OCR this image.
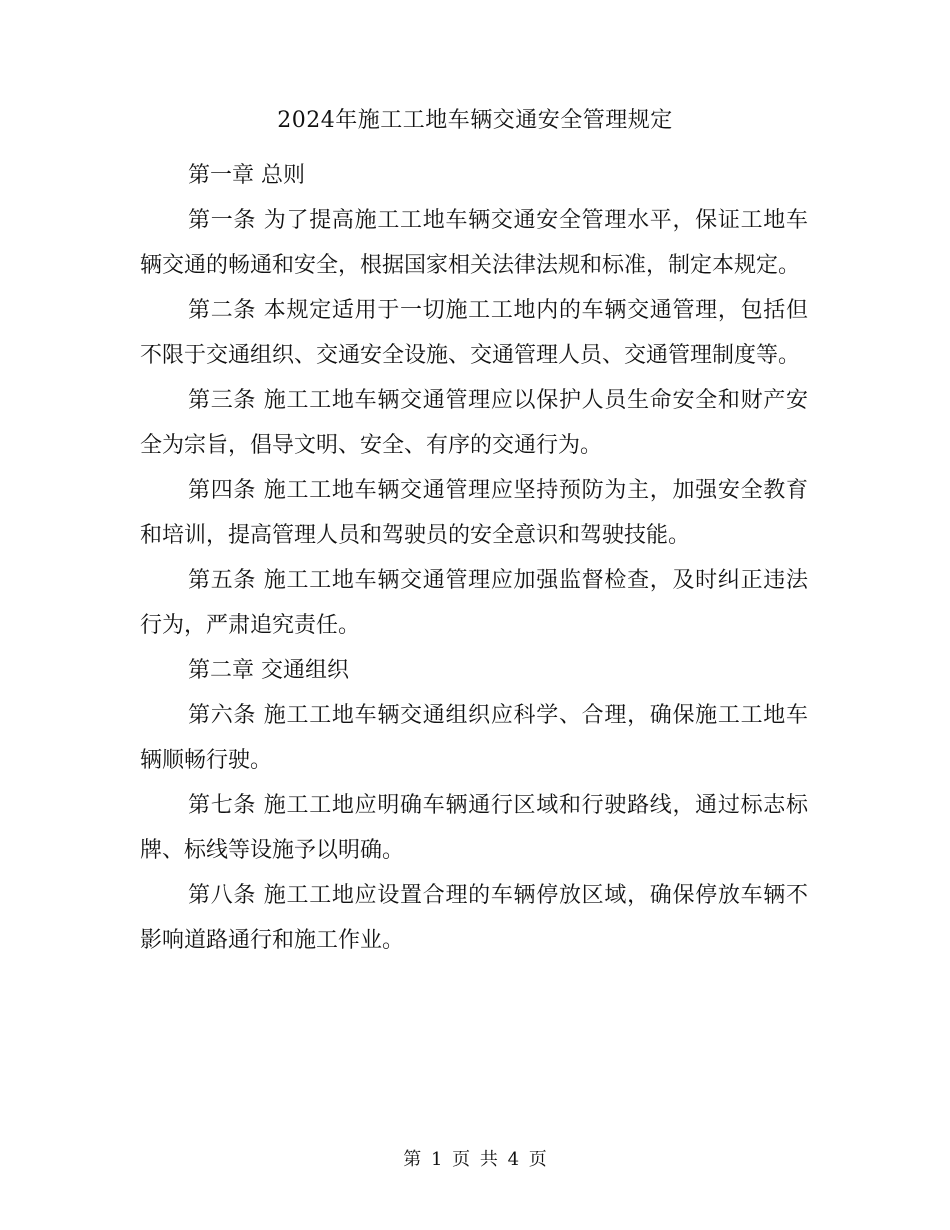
2024年施工工地车辆交通安全管理规定

第一章 总则

第一条 为了提高施工工地车辆交通安全管理水平，保证工地车辆交通的畅通和安全，根据国家相关法律法规和标准，制定本规定。

第二条 本规定适用于一切施工工地内的车辆交通管理，包括但不限于交通组织、交通安全设施、交通管理人员、交通管理制度等。

第三条 施工工地车辆交通管理应以保护人员生命安全和财产安全为宗旨，倡导文明、安全、有序的交通行为。

第四条 施工工地车辆交通管理应坚持预防为主，加强安全教育和培训，提高管理人员和驾驶员的安全意识和驾驶技能。

第五条 施工工地车辆交通管理应加强监督检查，及时纠正违法行为，严肃追究责任。

第二章 交通组织

第六条 施工工地车辆交通组织应科学、合理，确保施工工地车辆顺畅行驶。

第七条 施工工地应明确车辆通行区域和行驶路线，通过标志标牌、标线等设施予以明确。

第八条 施工工地应设置合理的车辆停放区域，确保停放车辆不影响道路通行和施工作业。

第 1 页 共 4 页
